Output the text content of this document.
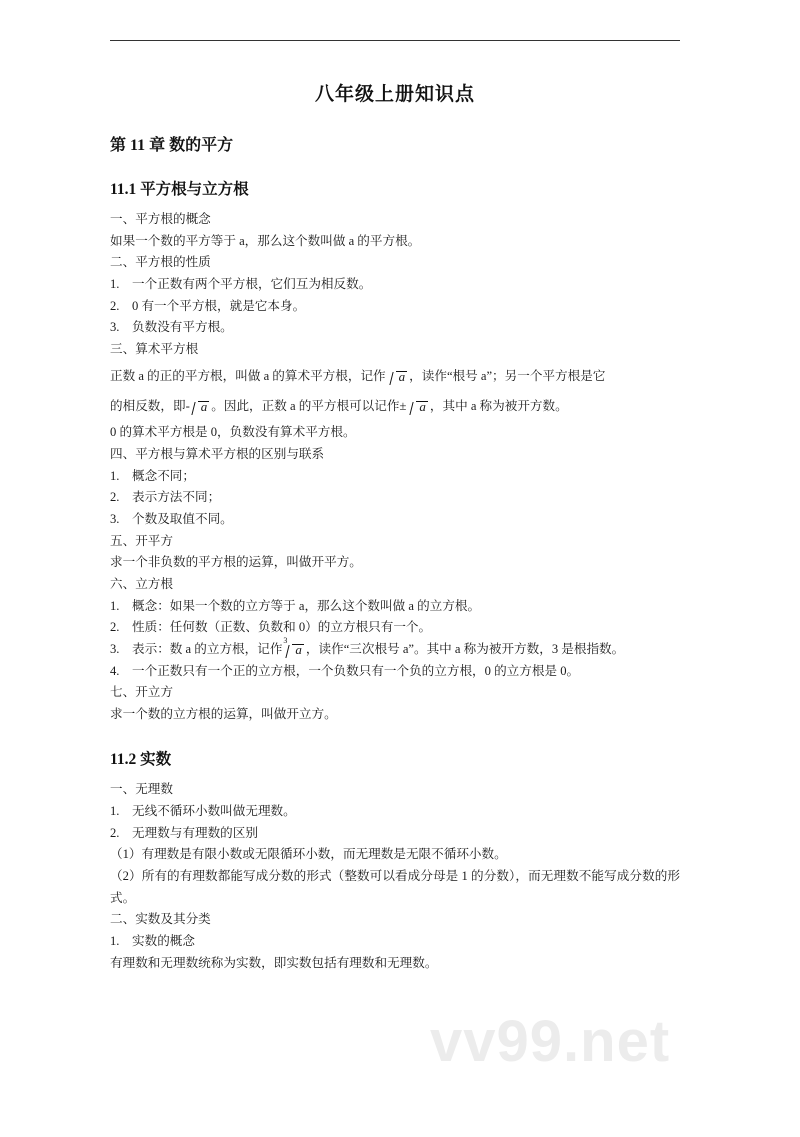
八年级上册知识点
第 11 章 数的平方
11.1 平方根与立方根

一、平方根的概念

如果一个数的平方等于 a，那么这个数叫做 a 的平方根。

二、平方根的性质

1. 一个正数有两个平方根，它们互为相反数。

2. 0 有一个平方根，就是它本身。

3. 负数没有平方根。

三、算术平方根

正数 a 的正的平方根，叫做 a 的算术平方根，记作 a ，读作“根号 a”；另一个平方根是它

的相反数，即- a 。因此，正数 a 的平方根可以记作± a ，其中 a 称为被开方数。

0 的算术平方根是 0，负数没有算术平方根。

四、平方根与算术平方根的区别与联系

1. 概念不同；

2. 表示方法不同；

3. 个数及取值不同。

五、开平方

求一个非负数的平方根的运算，叫做开平方。

六、立方根

1. 概念：如果一个数的立方等于 a，那么这个数叫做 a 的立方根。

2. 性质：任何数（正数、负数和 0）的立方根只有一个。

3. 表示：数 a 的立方根，记作
3
a ，读作“三次根号 a”。其中 a 称为被开方数，3 是根指数。

4. 一个正数只有一个正的立方根，一个负数只有一个负的立方根，0 的立方根是 0。

七、开立方

求一个数的立方根的运算，叫做开立方。

11.2 实数

一、无理数

1. 无线不循环小数叫做无理数。

2. 无理数与有理数的区别

（1）有理数是有限小数或无限循环小数，而无理数是无限不循环小数。

（2）所有的有理数都能写成分数的形式（整数可以看成分母是 1 的分数），而无理数不能写成分数的形式。

二、实数及其分类

1. 实数的概念

有理数和无理数统称为实数，即实数包括有理数和无理数。

vv99.net
